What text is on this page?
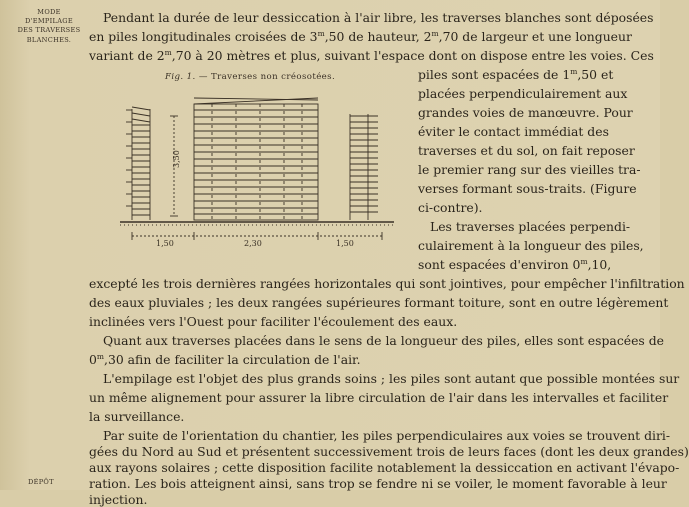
MODE
D'EMPILAGE
DES TRAVERSES
BLANCHES.
Pendant la durée de leur dessiccation à l'air libre, les traverses blanches sont déposées
en piles longitudinales croisées de 3$^m$,50 de hauteur, 2$^m$,70 de largeur et une longueur
variant de 2$^m$,70 à 20 mètres et plus, suivant l'espace dont on dispose entre les voies. Ces
Fig. 1. — Traverses non créosotées.
3,50
1,50	2,30	1,50
piles sont espacées de 1$^m$,50 et
placées perpendiculairement aux
grandes voies de manœuvre. Pour
éviter le contact immédiat des
traverses et du sol, on fait reposer
le premier rang sur des vieilles tra-
verses formant sous-traits. (Figure
ci-contre).
Les traverses placées perpendi-
culairement à la longueur des piles,
sont espacées d'environ 0$^m$,10,
excepté les trois dernières rangées horizontales qui sont jointives, pour empêcher l'infiltration
des eaux pluviales ; les deux rangées supérieures formant toiture, sont en outre légèrement
inclinées vers l'Ouest pour faciliter l'écoulement des eaux.
Quant aux traverses placées dans le sens de la longueur des piles, elles sont espacées de
0$^m$,30 afin de faciliter la circulation de l'air.
L'empilage est l'objet des plus grands soins ; les piles sont autant que possible montées sur
un même alignement pour assurer la libre circulation de l'air dans les intervalles et faciliter
la surveillance.
Par suite de l'orientation du chantier, les piles perpendiculaires aux voies se trouvent diri-
gées du Nord au Sud et présentent successivement trois de leurs faces (dont les deux grandes)
aux rayons solaires ; cette disposition facilite notablement la dessiccation en activant l'évapo-
ration. Les bois atteignent ainsi, sans trop se fendre ni se voiler, le moment favorable à leur
injection.
DÉPÔT
